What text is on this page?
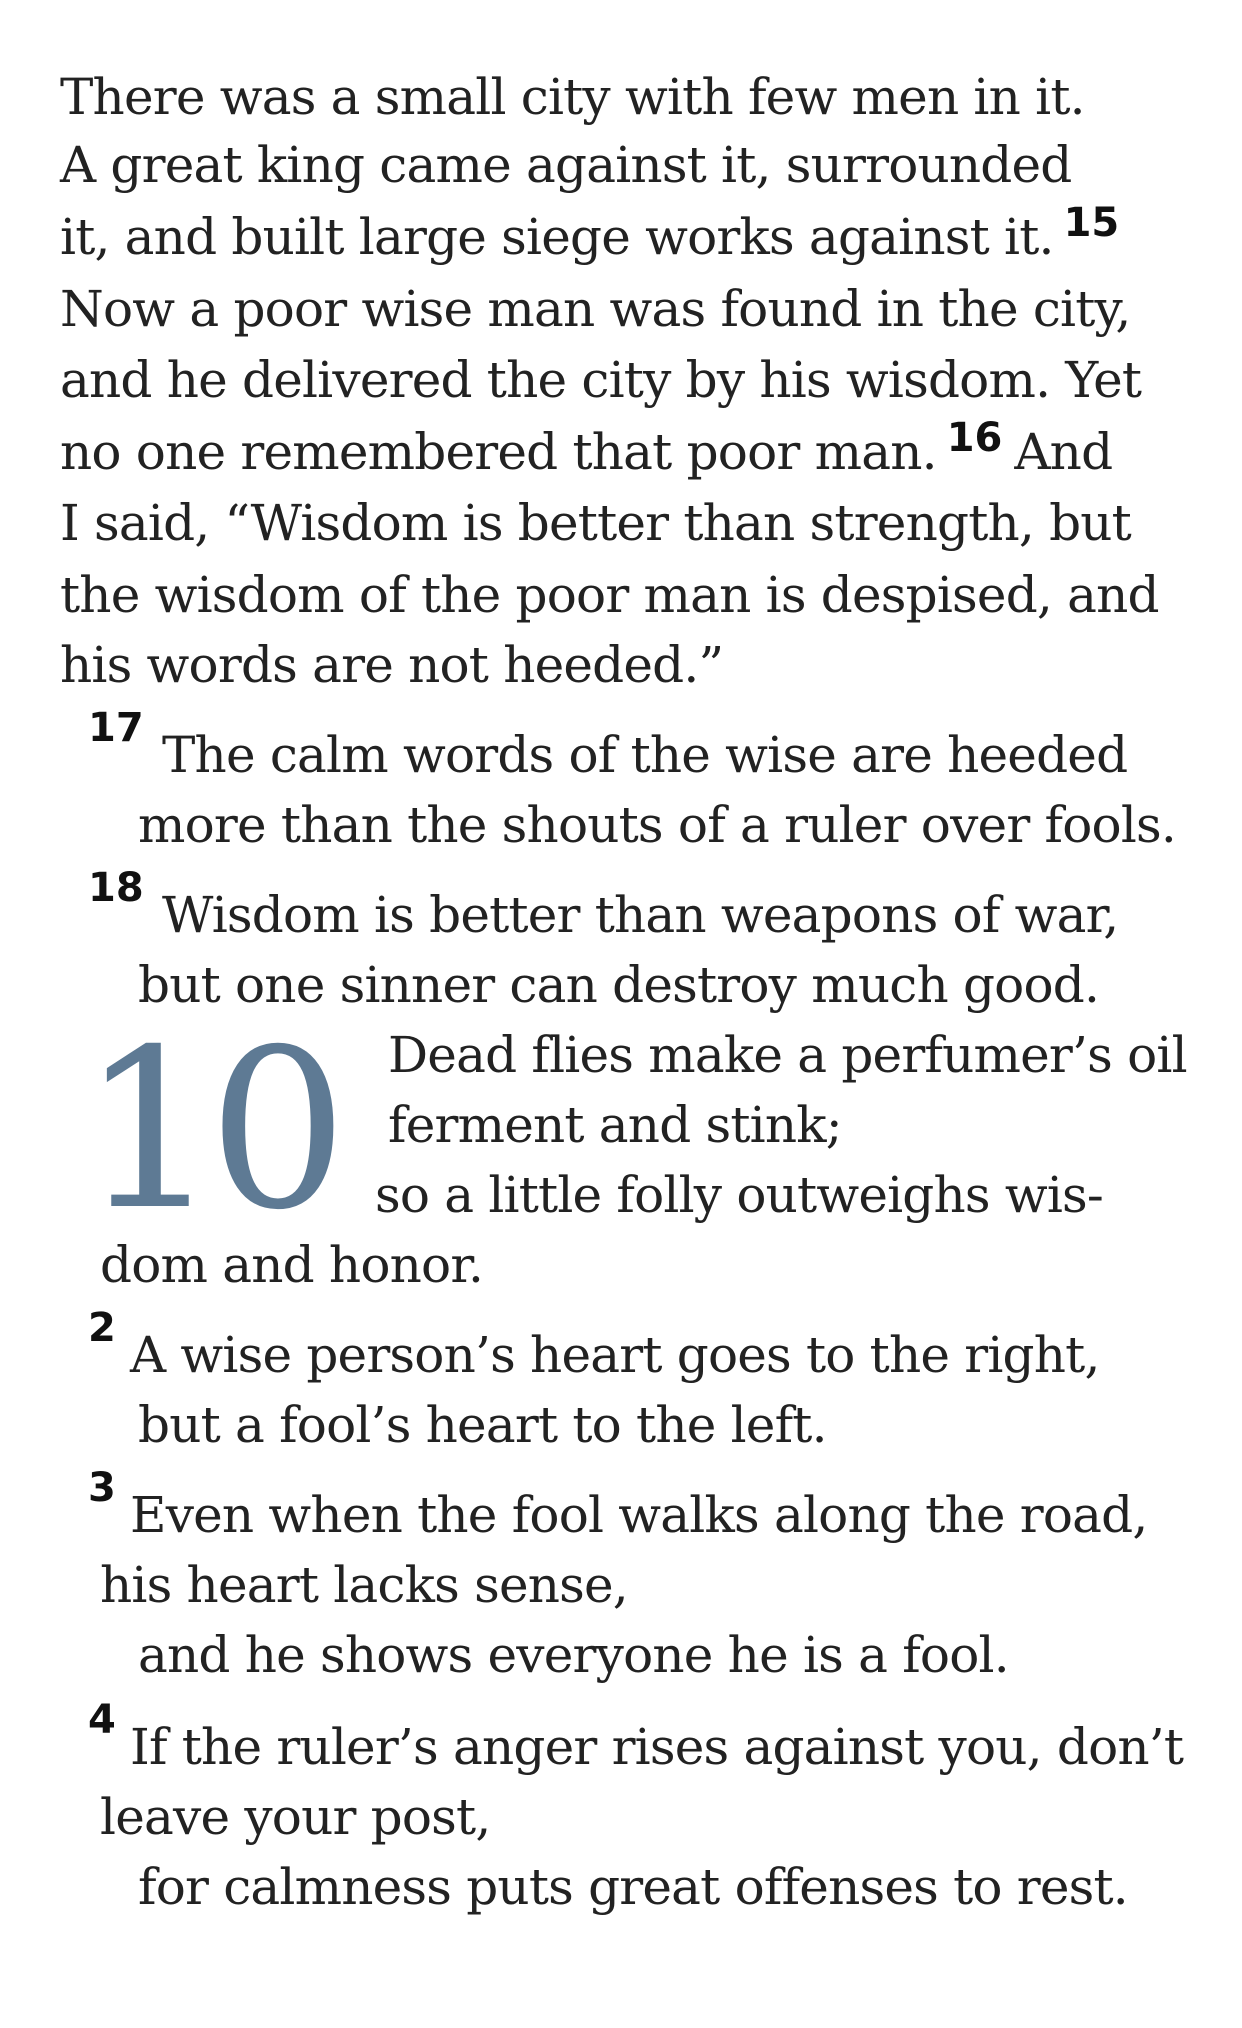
There was a small city with few men in it.
A great king came against it, surrounded
it, and built large siege works against it. $^{15}$
Now a poor wise man was found in the city,
and he delivered the city by his wisdom. Yet
no one remembered that poor man. $^{16}$ And
I said, “Wisdom is better than strength, but
the wisdom of the poor man is despised, and
his words are not heeded.”
17 The calm words of the wise are heeded
more than the shouts of a ruler over fools.
18 Wisdom is better than weapons of war,
but one sinner can destroy much good.
10 Dead flies make a perfumer’s oil
ferment and stink;
so a little folly outweighs wis-
dom and honor.
2 A wise person’s heart goes to the right,
but a fool’s heart to the left.
3 Even when the fool walks along the road,
his heart lacks sense,
and he shows everyone he is a fool.
4 If the ruler’s anger rises against you, don’t
leave your post,
for calmness puts great offenses to rest.
